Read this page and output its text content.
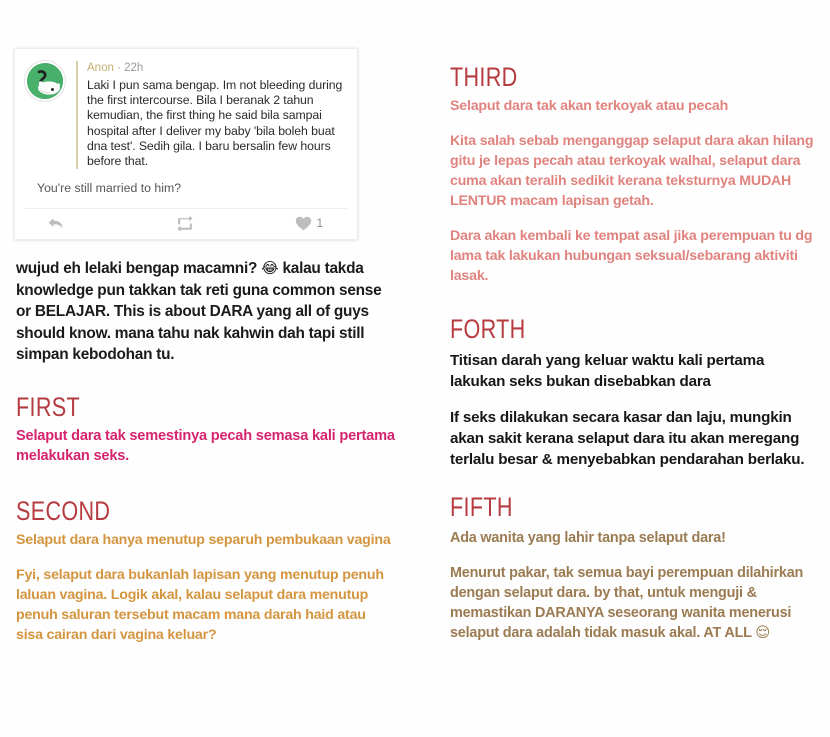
Anon · 22h
Laki I pun sama bengap. Im not bleeding during the first intercourse. Bila I beranak 2 tahun kemudian, the first thing he said bila sampai hospital after I deliver my baby 'bila boleh buat dna test'. Sedih gila. I baru bersalin few hours before that.
You're still married to him?
1
wujud eh lelaki bengap macamni? 😂 kalau takda knowledge pun takkan tak reti guna common sense or BELAJAR. This is about DARA yang all of guys should know. mana tahu nak kahwin dah tapi still simpan kebodohan tu.
FIRST

Selaput dara tak semestinya pecah semasa kali pertama melakukan seks.

SECOND

Selaput dara hanya menutup separuh pembukaan vagina

Fyi, selaput dara bukanlah lapisan yang menutup penuh laluan vagina. Logik akal, kalau selaput dara menutup penuh saluran tersebut macam mana darah haid atau sisa cairan dari vagina keluar?

THIRD

Selaput dara tak akan terkoyak atau pecah

Kita salah sebab menganggap selaput dara akan hilang gitu je lepas pecah atau terkoyak walhal, selaput dara cuma akan teralih sedikit kerana teksturnya MUDAH LENTUR macam lapisan getah.

Dara akan kembali ke tempat asal jika perempuan tu dg lama tak lakukan hubungan seksual/sebarang aktiviti lasak.

FORTH

Titisan darah yang keluar waktu kali pertama lakukan seks bukan disebabkan dara

If seks dilakukan secara kasar dan laju, mungkin akan sakit kerana selaput dara itu akan meregang terlalu besar & menyebabkan pendarahan berlaku.

FIFTH

Ada wanita yang lahir tanpa selaput dara!

Menurut pakar, tak semua bayi perempuan dilahirkan dengan selaput dara. by that, untuk menguji & memastikan DARANYA seseorang wanita menerusi selaput dara adalah tidak masuk akal. AT ALL 😌
